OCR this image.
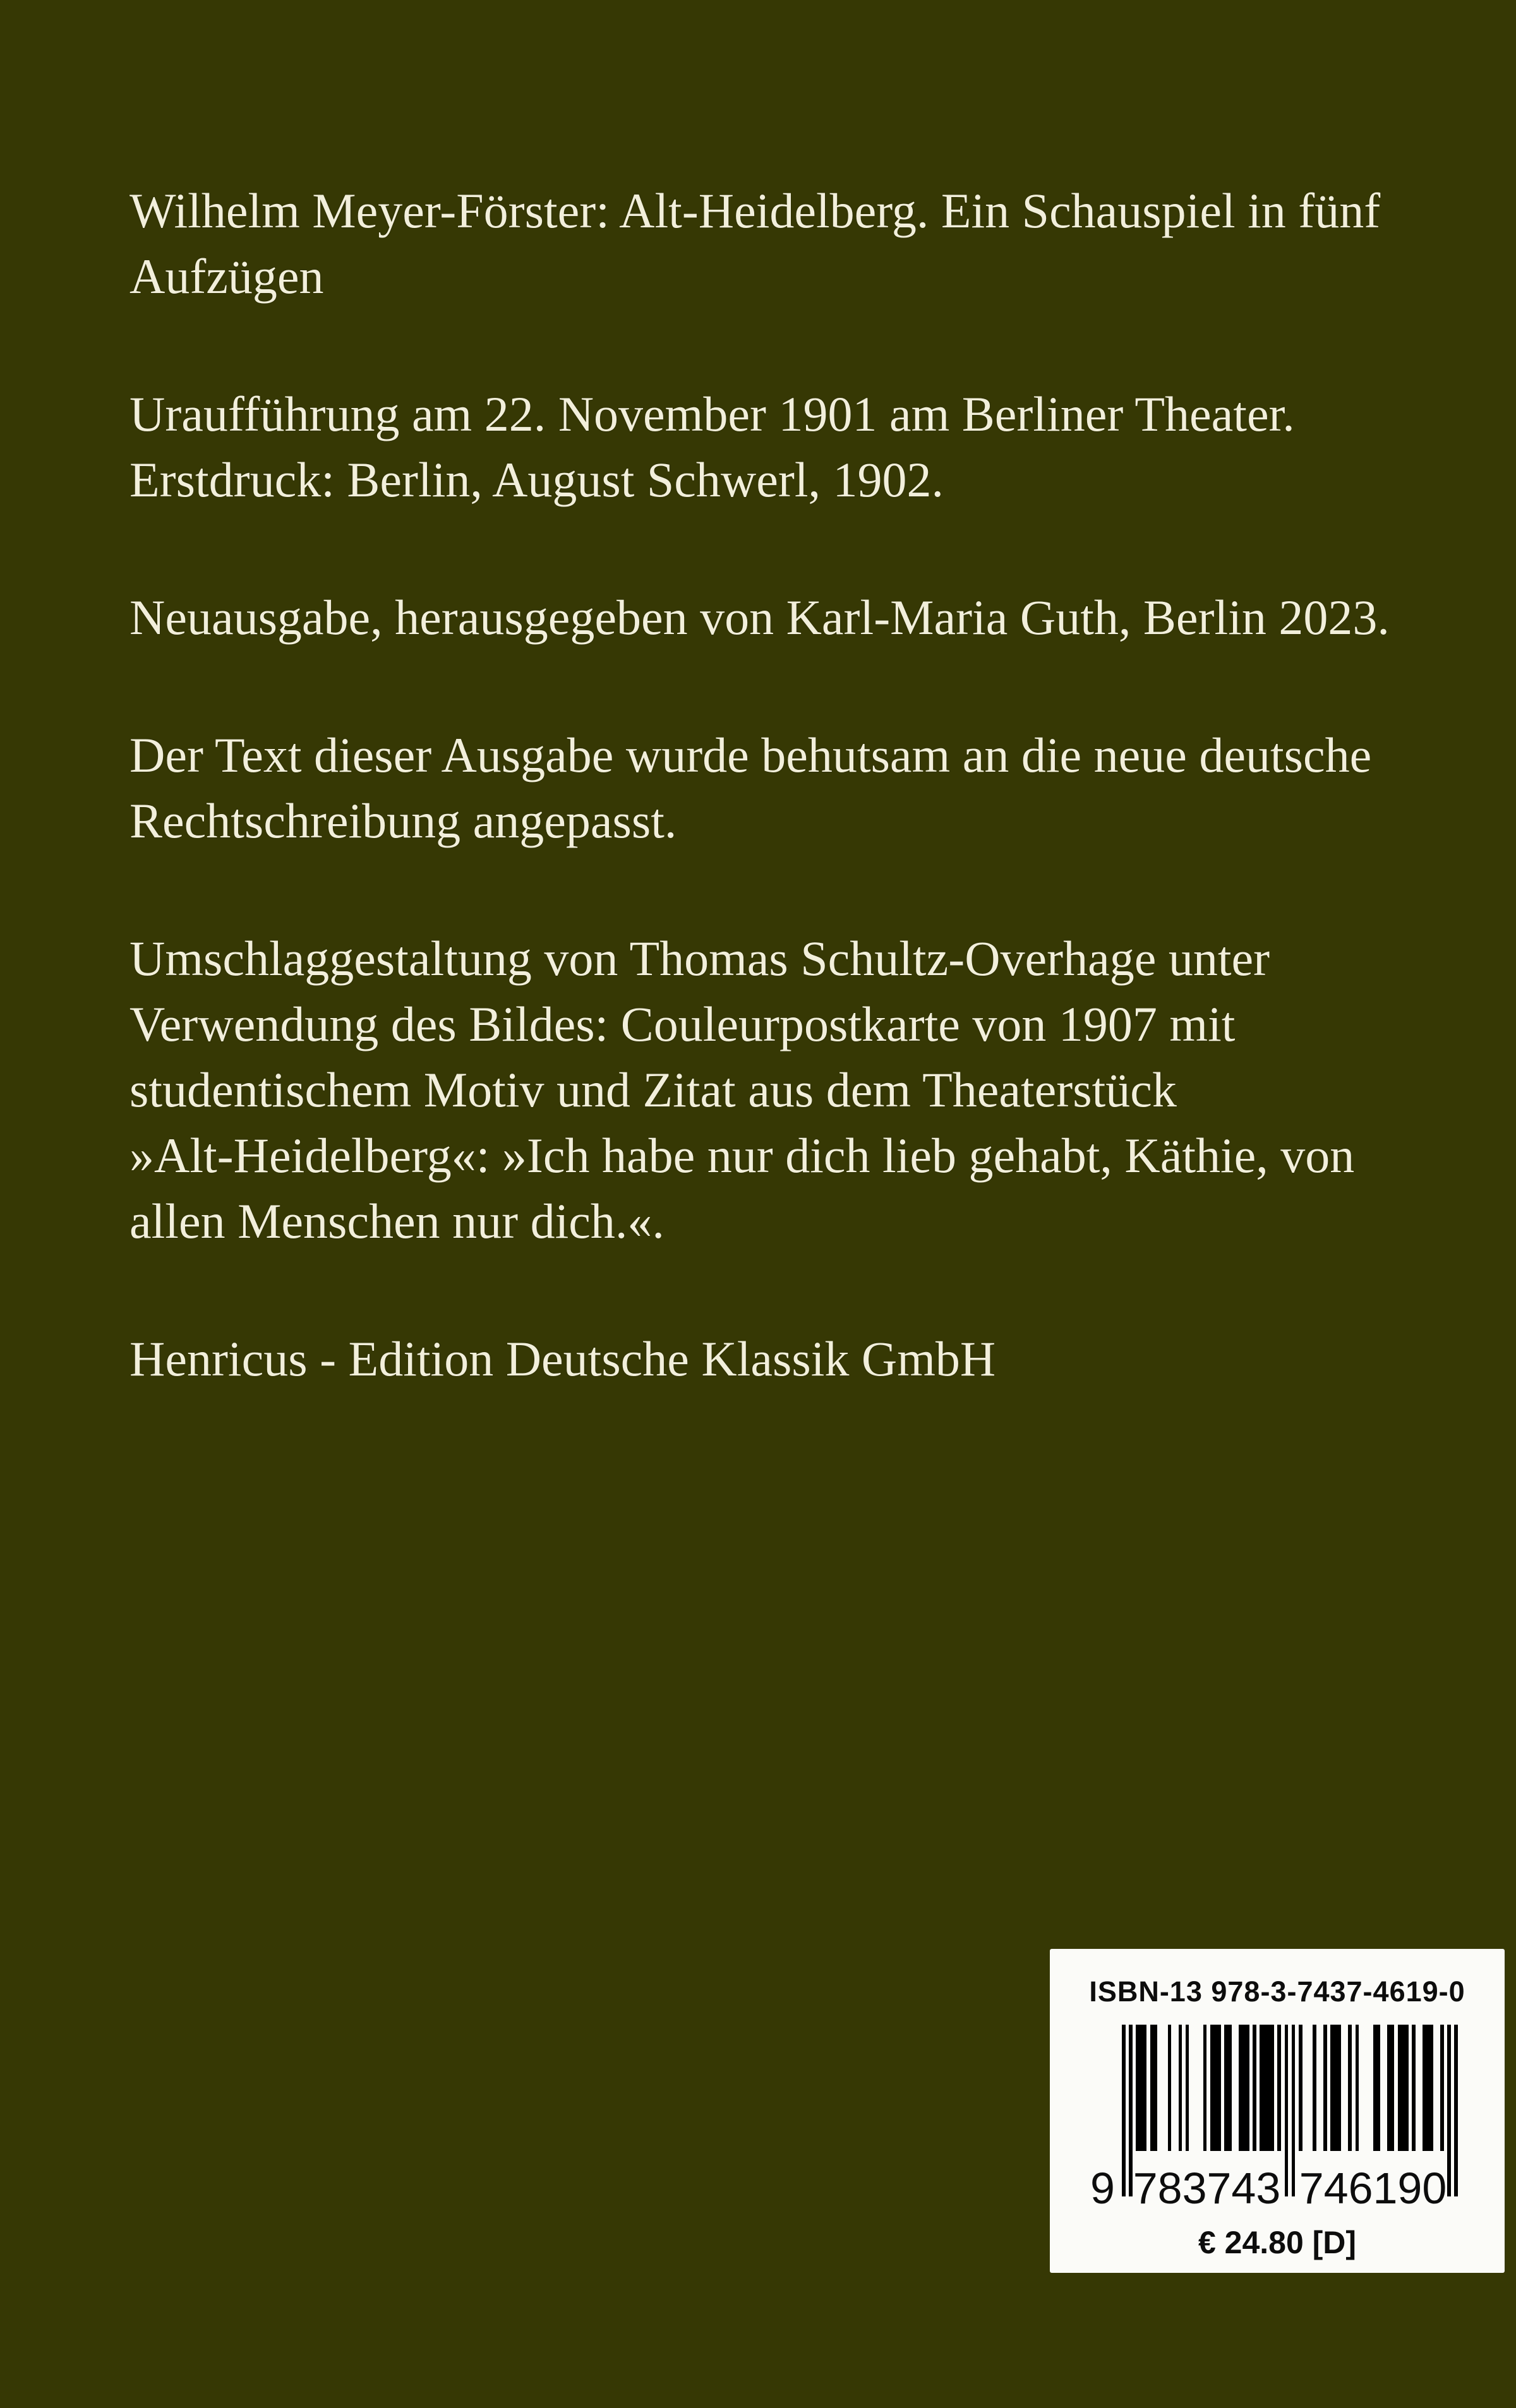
Wilhelm Meyer-Förster: Alt-Heidelberg. Ein Schauspiel in fünf
Aufzügen

Uraufführung am 22. November 1901 am Berliner Theater.
Erstdruck: Berlin, August Schwerl, 1902.

Neuausgabe, herausgegeben von Karl-Maria Guth, Berlin 2023.

Der Text dieser Ausgabe wurde behutsam an die neue deutsche
Rechtschreibung angepasst.

Umschlaggestaltung von Thomas Schultz-Overhage unter
Verwendung des Bildes: Couleurpostkarte von 1907 mit
studentischem Motiv und Zitat aus dem Theaterstück
»Alt-Heidelberg«: »Ich habe nur dich lieb gehabt, Käthie, von
allen Menschen nur dich.«.

Henricus - Edition Deutsche Klassik GmbH

ISBN-13 978-3-7437-4619-0
9 783743 746190
€ 24.80 [D]
